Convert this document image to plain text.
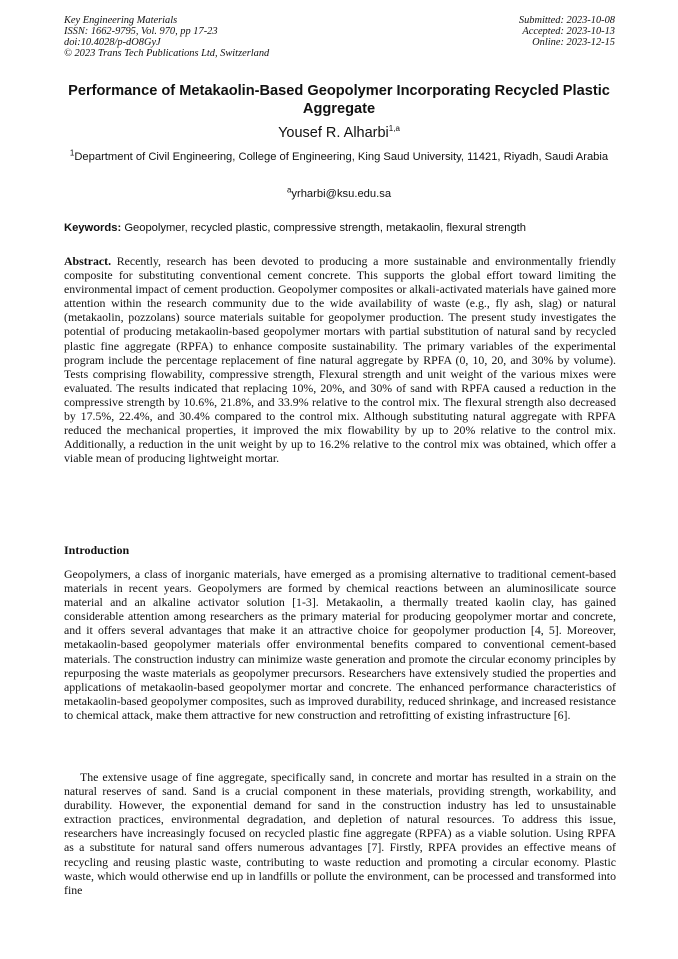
Key Engineering Materials
ISSN: 1662-9795, Vol. 970, pp 17-23
doi:10.4028/p-dO8GyJ
© 2023 Trans Tech Publications Ltd, Switzerland
Submitted: 2023-10-08
Accepted: 2023-10-13
Online: 2023-12-15
Performance of Metakaolin-Based Geopolymer Incorporating Recycled Plastic Aggregate
Yousef R. Alharbi$^{1,a}$
$^1$Department of Civil Engineering, College of Engineering, King Saud University, 11421, Riyadh, Saudi Arabia
$^a$yrharbi@ksu.edu.sa
Keywords: Geopolymer, recycled plastic, compressive strength, metakaolin, flexural strength
Abstract. Recently, research has been devoted to producing a more sustainable and environmentally friendly composite for substituting conventional cement concrete. This supports the global effort toward limiting the environmental impact of cement production. Geopolymer composites or alkali-activated materials have gained more attention within the research community due to the wide availability of waste (e.g., fly ash, slag) or natural (metakaolin, pozzolans) source materials suitable for geopolymer production. The present study investigates the potential of producing metakaolin-based geopolymer mortars with partial substitution of natural sand by recycled plastic fine aggregate (RPFA) to enhance composite sustainability. The primary variables of the experimental program include the percentage replacement of fine natural aggregate by RPFA (0, 10, 20, and 30% by volume). Tests comprising flowability, compressive strength, Flexural strength and unit weight of the various mixes were evaluated. The results indicated that replacing 10%, 20%, and 30% of sand with RPFA caused a reduction in the compressive strength by 10.6%, 21.8%, and 33.9% relative to the control mix. The flexural strength also decreased by 17.5%, 22.4%, and 30.4% compared to the control mix. Although substituting natural aggregate with RPFA reduced the mechanical properties, it improved the mix flowability by up to 20% relative to the control mix. Additionally, a reduction in the unit weight by up to 16.2% relative to the control mix was obtained, which offer a viable mean of producing lightweight mortar.
Introduction

Geopolymers, a class of inorganic materials, have emerged as a promising alternative to traditional cement-based materials in recent years. Geopolymers are formed by chemical reactions between an aluminosilicate source material and an alkaline activator solution [1-3]. Metakaolin, a thermally treated kaolin clay, has gained considerable attention among researchers as the primary material for producing geopolymer mortar and concrete, and it offers several advantages that make it an attractive choice for geopolymer production [4, 5]. Moreover, metakaolin-based geopolymer materials offer environmental benefits compared to conventional cement-based materials. The construction industry can minimize waste generation and promote the circular economy principles by repurposing the waste materials as geopolymer precursors. Researchers have extensively studied the properties and applications of metakaolin-based geopolymer mortar and concrete. The enhanced performance characteristics of metakaolin-based geopolymer composites, such as improved durability, reduced shrinkage, and increased resistance to chemical attack, make them attractive for new construction and retrofitting of existing infrastructure [6].

The extensive usage of fine aggregate, specifically sand, in concrete and mortar has resulted in a strain on the natural reserves of sand. Sand is a crucial component in these materials, providing strength, workability, and durability. However, the exponential demand for sand in the construction industry has led to unsustainable extraction practices, environmental degradation, and depletion of natural resources. To address this issue, researchers have increasingly focused on recycled plastic fine aggregate (RPFA) as a viable solution. Using RPFA as a substitute for natural sand offers numerous advantages [7]. Firstly, RPFA provides an effective means of recycling and reusing plastic waste, contributing to waste reduction and promoting a circular economy. Plastic waste, which would otherwise end up in landfills or pollute the environment, can be processed and transformed into fine
